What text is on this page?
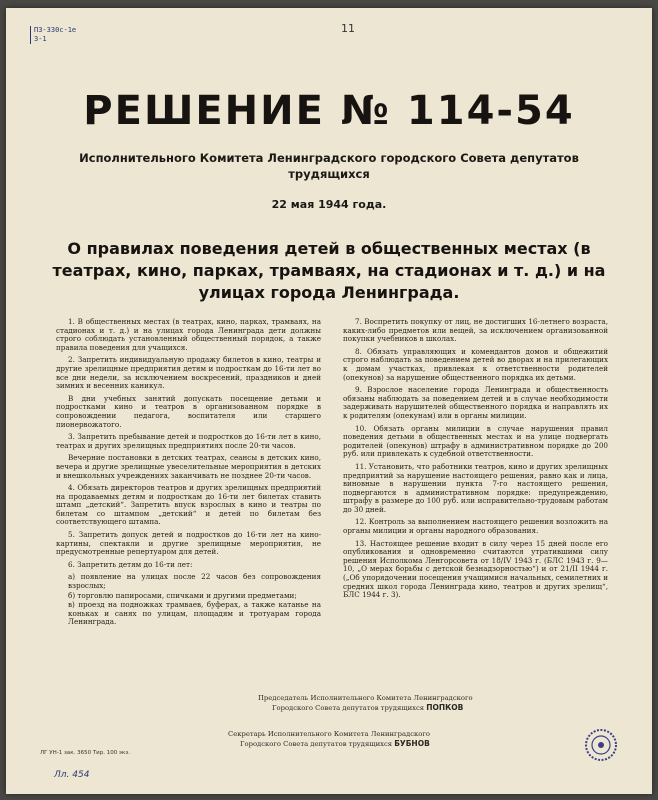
ПЗ-330с-1е
3-1
11
РЕШЕНИЕ № 114-54
Исполнительного Комитета Ленинградского городского Совета депутатов трудящихся
22 мая 1944 года.
О правилах поведения детей в общественных местах (в театрах, кино, парках, трамваях, на стадионах и т. д.) и на улицах города Ленинграда.

1. В общественных местах (в театрах, кино, парках, трамваях, на стадионах и т. д.) и на улицах города Ленинграда дети должны строго соблюдать установленный общественный порядок, а также правила поведения для учащихся.

2. Запретить индивидуальную продажу билетов в кино, театры и другие зрелищные предприятия детям и подросткам до 16-ти лет во все дни недели, за исключением воскресений, праздников и дней зимних и весенних каникул.

В дни учебных занятий допускать посещение детьми и подростками кино и театров в организованном порядке в сопровождении педагога, воспитателя или старшего пионервожатого.

3. Запретить пребывание детей и подростков до 16-ти лет в кино, театрах и других зрелищных предприятиях после 20-ти часов.

Вечерние постановки в детских театрах, сеансы в детских кино, вечера и другие зрелищные увеселительные мероприятия в детских и внешкольных учреждениях заканчивать не позднее 20-ти часов.

4. Обязать директоров театров и других зрелищных предприятий на продаваемых детям и подросткам до 16-ти лет билетах ставить штамп „детский“. Запретить впуск взрослых в кино и театры по билетам со штампом „детский“ и детей по билетам без соответствующего штампа.

5. Запретить допуск детей и подростков до 16-ти лет на кино-картины, спектакли и другие зрелищные мероприятия, не предусмотренные репертуаром для детей.

6. Запретить детям до 16-ти лет:

а) появление на улицах после 22 часов без сопровождения взрослых;

б) торговлю папиросами, спичками и другими предметами;

в) проезд на подножках трамваев, буферах, а также катанье на коньках и санях по улицам, площадям и тротуарам города Ленинграда.

7. Воспретить покупку от лиц, не достигших 16-летнего возраста, каких-либо предметов или вещей, за исключением организованной покупки учебников в школах.

8. Обязать управляющих и комендантов домов и общежитий строго наблюдать за поведением детей во дворах и на прилегающих к домам участках, привлекая к ответственности родителей (опекунов) за нарушение общественного порядка их детьми.

9. Взрослое население города Ленинграда и общественность обязаны наблюдать за поведением детей и в случае необходимости задерживать нарушителей общественного порядка и направлять их к родителям (опекунам) или в органы милиции.

10. Обязать органы милиции в случае нарушения правил поведения детьми в общественных местах и на улице подвергать родителей (опекунов) штрафу в административном порядке до 200 руб. или привлекать к судебной ответственности.

11. Установить, что работники театров, кино и других зрелищных предприятий за нарушение настоящего решения, равно как и лица, виновные в нарушении пункта 7-го настоящего решения, подвергаются в административном порядке: предупреждению, штрафу в размере до 100 руб. или исправительно-трудовым работам до 30 дней.

12. Контроль за выполнением настоящего решения возложить на органы милиции и органы народного образования.

13. Настоящее решение входит в силу через 15 дней после его опубликования и одновременно считаются утратившими силу решения Исполкома Ленгорсовета от 18/IV 1943 г. (БЛС 1943 г. 9—10, „О мерах борьбы с детской безнадзорностью“) и от 21/II 1944 г. („Об упорядочении посещения учащимися начальных, семилетних и средних школ города Ленинграда кино, театров и других зрелищ“, БЛС 1944 г. 3).

Председатель Исполнительного Комитета Ленинградского
Городского Совета депутатов трудящихся ПОПКОВ
Секретарь Исполнительного Комитета Ленинградского
Городского Совета депутатов трудящихся БУБНОВ
ЛГ УН-1 зак. 3650 Тир. 100 экз.
Лл. 454
